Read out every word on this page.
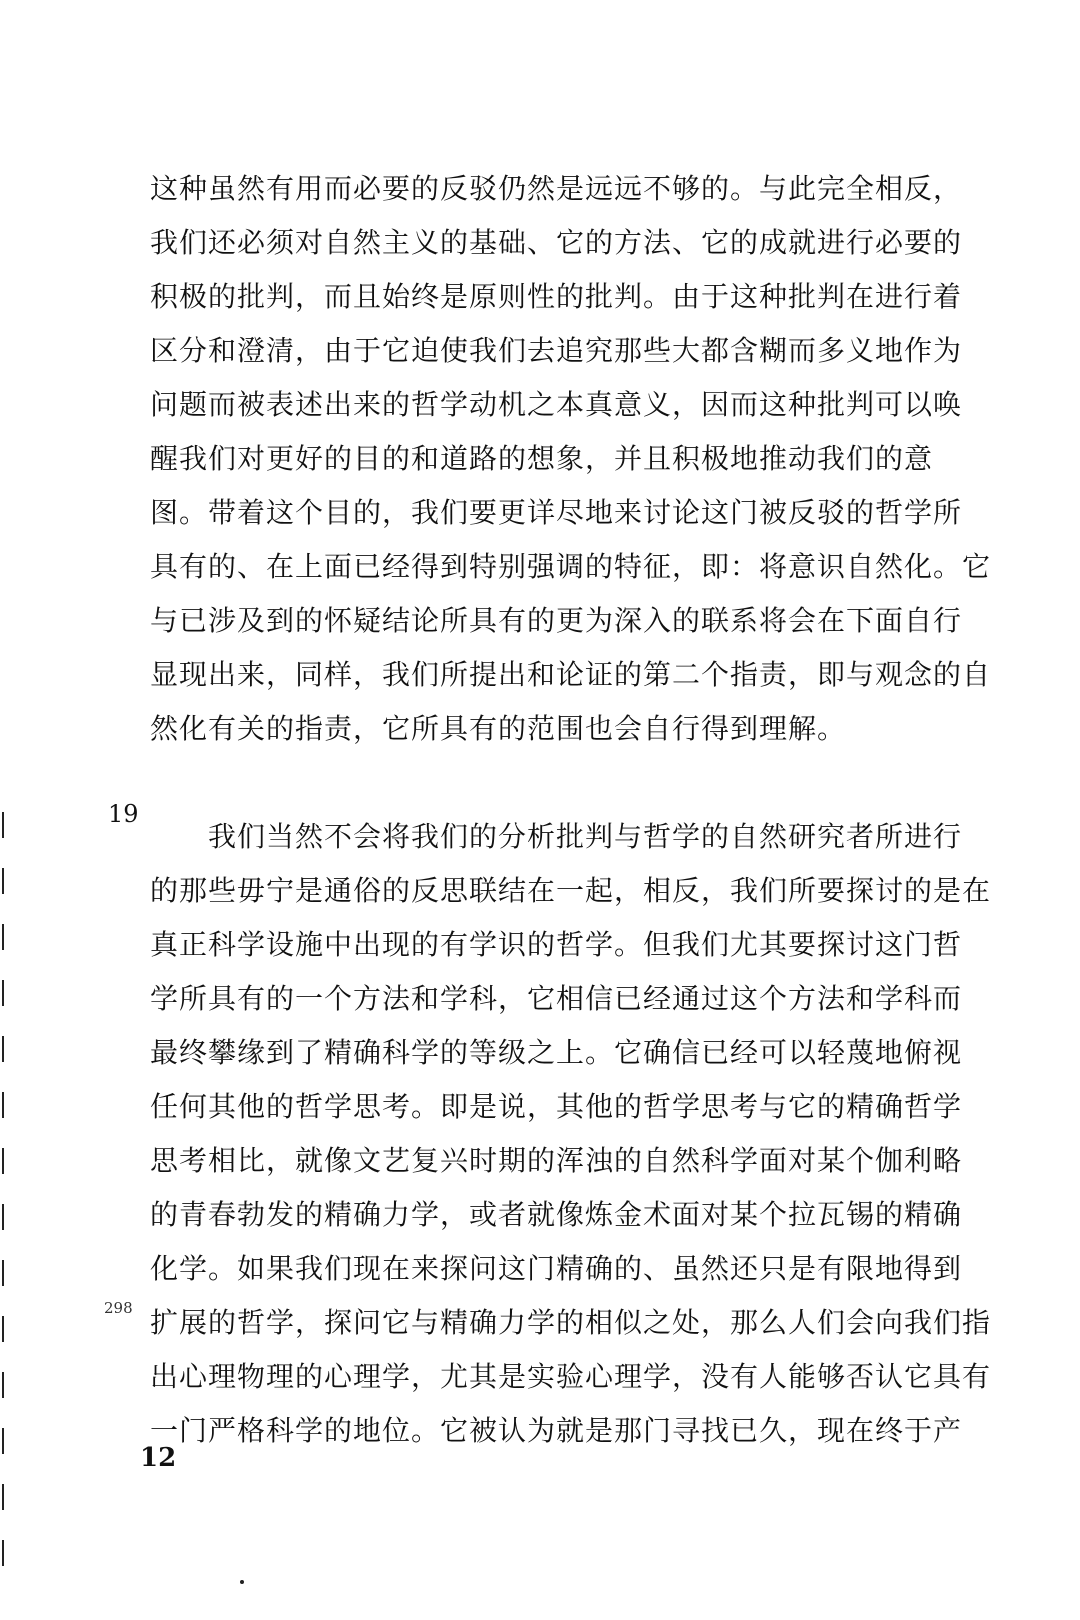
这种虽然有用而必要的反驳仍然是远远不够的。与此完全相反，
我们还必须对自然主义的基础、它的方法、它的成就进行必要的
积极的批判，而且始终是原则性的批判。由于这种批判在进行着
区分和澄清，由于它迫使我们去追究那些大都含糊而多义地作为
问题而被表述出来的哲学动机之本真意义，因而这种批判可以唤
醒我们对更好的目的和道路的想象，并且积极地推动我们的意
图。带着这个目的，我们要更详尽地来讨论这门被反驳的哲学所
具有的、在上面已经得到特别强调的特征，即：将意识自然化。它
与已涉及到的怀疑结论所具有的更为深入的联系将会在下面自行
显现出来，同样，我们所提出和论证的第二个指责，即与观念的自
然化有关的指责，它所具有的范围也会自行得到理解。
　　我们当然不会将我们的分析批判与哲学的自然研究者所进行
的那些毋宁是通俗的反思联结在一起，相反，我们所要探讨的是在
真正科学设施中出现的有学识的哲学。但我们尤其要探讨这门哲
学所具有的一个方法和学科，它相信已经通过这个方法和学科而
最终攀缘到了精确科学的等级之上。它确信已经可以轻蔑地俯视
任何其他的哲学思考。即是说，其他的哲学思考与它的精确哲学
思考相比，就像文艺复兴时期的浑浊的自然科学面对某个伽利略
的青春勃发的精确力学，或者就像炼金术面对某个拉瓦锡的精确
化学。如果我们现在来探问这门精确的、虽然还只是有限地得到
扩展的哲学，探问它与精确力学的相似之处，那么人们会向我们指
出心理物理的心理学，尤其是实验心理学，没有人能够否认它具有
一门严格科学的地位。它被认为就是那门寻找已久，现在终于产
19
298
12
